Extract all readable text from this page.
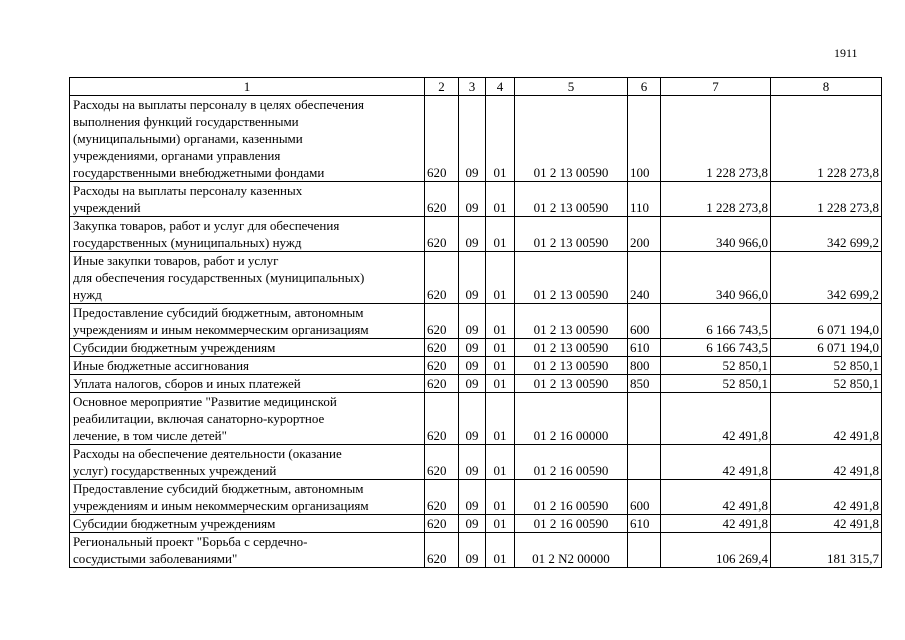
1911
1	2	3	4	5	6	7	8

Расходы на выплаты персоналу в целях обеспечения
выполнения функций государственными
(муниципальными) органами, казенными
учреждениями, органами управления
государственными внебюджетными фондами	620	09	01	01 2 13 00590	100	1 228 273,8	1 228 273,8

Расходы на выплаты персоналу казенных
учреждений	620	09	01	01 2 13 00590	110	1 228 273,8	1 228 273,8

Закупка товаров, работ и услуг для обеспечения
государственных (муниципальных) нужд	620	09	01	01 2 13 00590	200	340 966,0	342 699,2

Иные закупки товаров, работ и услуг
для обеспечения государственных (муниципальных)
нужд	620	09	01	01 2 13 00590	240	340 966,0	342 699,2

Предоставление субсидий бюджетным, автономным
учреждениям и иным некоммерческим организациям	620	09	01	01 2 13 00590	600	6 166 743,5	6 071 194,0

Субсидии бюджетным учреждениям	620	09	01	01 2 13 00590	610	6 166 743,5	6 071 194,0

Иные бюджетные ассигнования	620	09	01	01 2 13 00590	800	52 850,1	52 850,1

Уплата налогов, сборов и иных платежей	620	09	01	01 2 13 00590	850	52 850,1	52 850,1

Основное мероприятие "Развитие медицинской
реабилитации, включая санаторно-курортное
лечение, в том числе детей"	620	09	01	01 2 16 00000		42 491,8	42 491,8

Расходы на обеспечение деятельности (оказание
услуг) государственных учреждений	620	09	01	01 2 16 00590		42 491,8	42 491,8

Предоставление субсидий бюджетным, автономным
учреждениям и иным некоммерческим организациям	620	09	01	01 2 16 00590	600	42 491,8	42 491,8

Субсидии бюджетным учреждениям	620	09	01	01 2 16 00590	610	42 491,8	42 491,8

Региональный проект "Борьба с сердечно-
сосудистыми заболеваниями"	620	09	01	01 2 N2 00000		106 269,4	181 315,7
